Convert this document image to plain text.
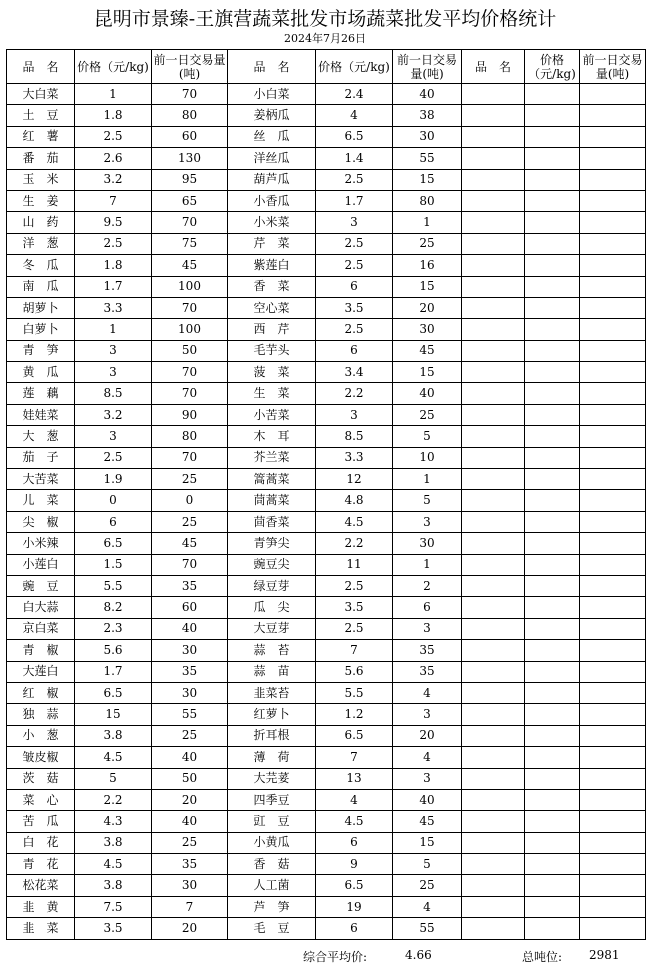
昆明市景臻-王旗营蔬菜批发市场蔬菜批发平均价格统计
2024年7月26日
品　名	价格（元/kg)	前一日交易量(吨)	品　名	价格（元/kg)	前一日交易量(吨)	品　名	价格（元/kg)	前一日交易量(吨)
大白菜	1	70	小白菜	2.4	40			
土　豆	1.8	80	姜柄瓜	4	38			
红　薯	2.5	60	丝　瓜	6.5	30			
番　茄	2.6	130	洋丝瓜	1.4	55			
玉　米	3.2	95	葫芦瓜	2.5	15			
生　姜	7	65	小香瓜	1.7	80			
山　药	9.5	70	小米菜	3	1			
洋　葱	2.5	75	芹　菜	2.5	25			
冬　瓜	1.8	45	紫莲白	2.5	16			
南　瓜	1.7	100	香　菜	6	15			
胡萝卜	3.3	70	空心菜	3.5	20			
白萝卜	1	100	西　芹	2.5	30			
青　笋	3	50	毛芋头	6	45			
黄　瓜	3	70	菠　菜	3.4	15			
莲　藕	8.5	70	生　菜	2.2	40			
娃娃菜	3.2	90	小苦菜	3	25			
大　葱	3	80	木　耳	8.5	5			
茄　子	2.5	70	芥兰菜	3.3	10			
大苦菜	1.9	25	篙蒿菜	12	1			
儿　菜	0	0	茼蒿菜	4.8	5			
尖　椒	6	25	茴香菜	4.5	3			
小米辣	6.5	45	青笋尖	2.2	30			
小莲白	1.5	70	豌豆尖	11	1			
豌　豆	5.5	35	绿豆芽	2.5	2			
白大蒜	8.2	60	瓜　尖	3.5	6			
京白菜	2.3	40	大豆芽	2.5	3			
青　椒	5.6	30	蒜　苔	7	35			
大莲白	1.7	35	蒜　苗	5.6	35			
红　椒	6.5	30	韭菜苔	5.5	4			
独　蒜	15	55	红萝卜	1.2	3			
小　葱	3.8	25	折耳根	6.5	20			
皱皮椒	4.5	40	薄　荷	7	4			
茨　菇	5	50	大芫荽	13	3			
菜　心	2.2	20	四季豆	4	40			
苦　瓜	4.3	40	豇　豆	4.5	45			
白　花	3.8	25	小黄瓜	6	15			
青　花	4.5	35	香　菇	9	5			
松花菜	3.8	30	人工菌	6.5	25			
韭　黄	7.5	7	芦　笋	19	4			
韭　菜	3.5	20	毛　豆	6	55			
综合平均价:	4.66	总吨位: 2981
